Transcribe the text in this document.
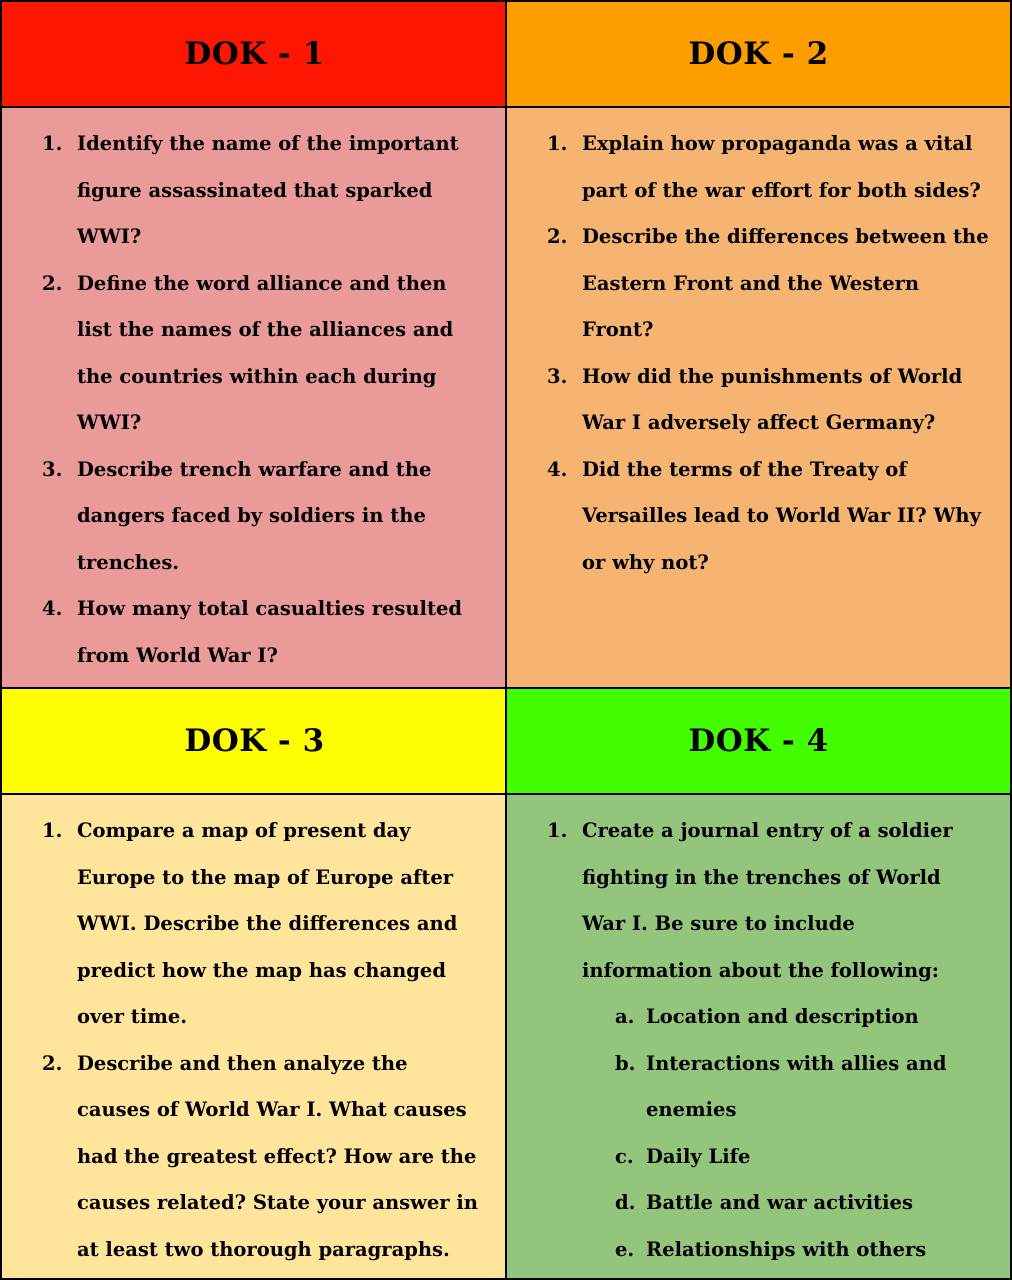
DOK - 1	DOK - 2
1. Identify the name of the important figure assassinated that sparked WWI?
2. Define the word alliance and then list the names of the alliances and the countries within each during WWI?
3. Describe trench warfare and the dangers faced by soldiers in the trenches.
4. How many total casualties resulted from World War I?
1. Explain how propaganda was a vital part of the war effort for both sides?
2. Describe the differences between the Eastern Front and the Western Front?
3. How did the punishments of World War I adversely affect Germany?
4. Did the terms of the Treaty of Versailles lead to World War II? Why or why not?
DOK - 3	DOK - 4
1. Compare a map of present day Europe to the map of Europe after WWI. Describe the differences and predict how the map has changed over time.
2. Describe and then analyze the causes of World War I. What causes had the greatest effect? How are the causes related? State your answer in at least two thorough paragraphs.
1. Create a journal entry of a soldier fighting in the trenches of World War I. Be sure to include information about the following:
a. Location and description
b. Interactions with allies and enemies
c. Daily Life
d. Battle and war activities
e. Relationships with others
